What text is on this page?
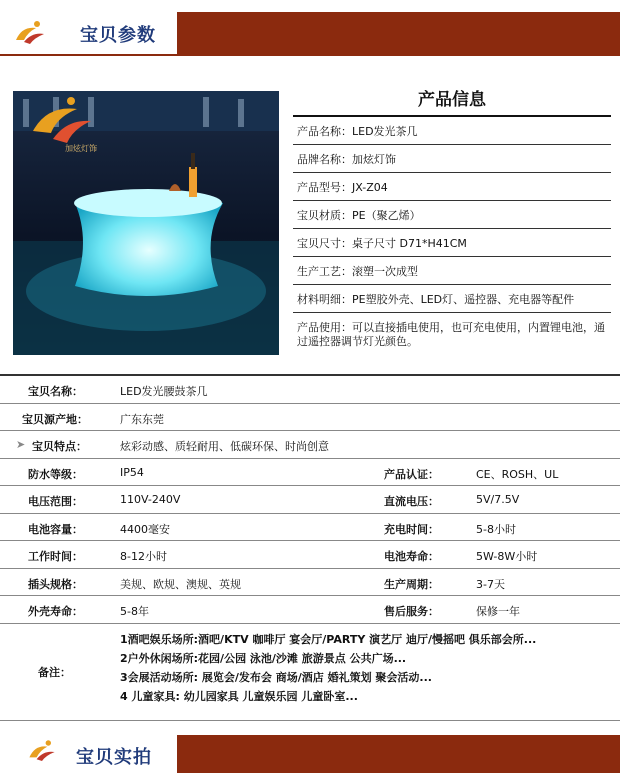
宝贝参数
加炫灯饰
产品信息
产品名称：LED发光茶几
品牌名称：加炫灯饰
产品型号：JX-Z04
宝贝材质：PE（聚乙烯）
宝贝尺寸：桌子尺寸 D71*H41CM
生产工艺：滚塑一次成型
材料明细：PE塑胶外壳、LED灯、遥控器、充电器等配件
产品使用：可以直接插电使用，也可充电使用，内置锂电池，通过遥控器调节灯光颜色。
宝贝名称：	LED发光腰鼓茶几
宝贝源产地：	广东东莞
➤ 宝贝特点：	炫彩动感、质轻耐用、低碳环保、时尚创意
防水等级：	IP54	产品认证：	CE、ROSH、UL
电压范围：	110V-240V	直流电压：	5V/7.5V
电池容量：	4400毫安	充电时间：	5-8小时
工作时间：	8-12小时	电池寿命：	5W-8W小时
插头规格：	美规、欧规、澳规、英规	生产周期：	3-7天
外壳寿命：	5-8年	售后服务：	保修一年
备注：
1酒吧娱乐场所:酒吧/KTV 咖啡厅 宴会厅/PARTY 演艺厅 迪厅/慢摇吧 俱乐部会所...
2户外休闲场所:花园/公园 泳池/沙滩 旅游景点 公共广场...
3会展活动场所: 展览会/发布会 商场/酒店 婚礼策划 聚会活动...
4 儿童家具: 幼儿园家具 儿童娱乐园 儿童卧室...
宝贝实拍
